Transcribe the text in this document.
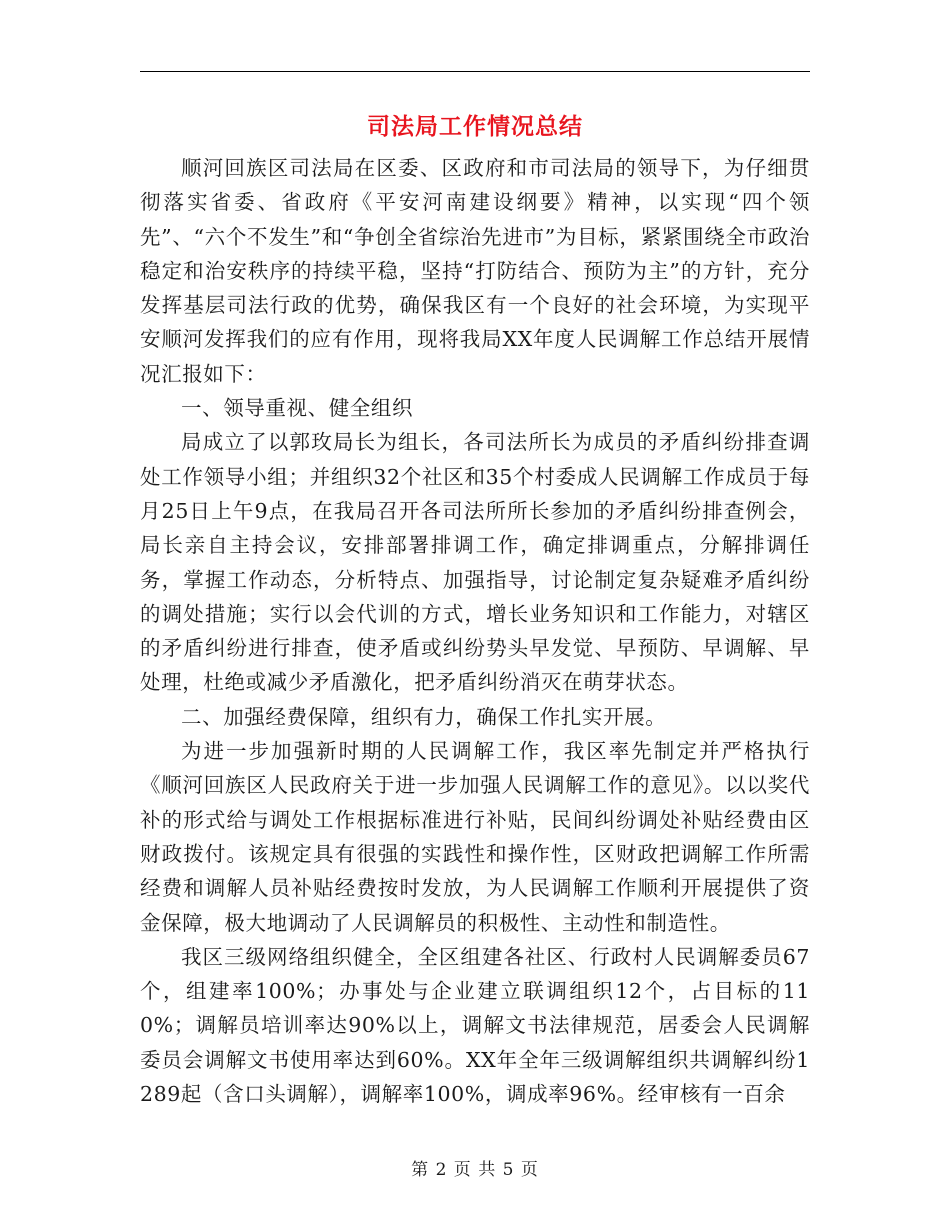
司法局工作情况总结

顺河回族区司法局在区委、区政府和市司法局的领导下，为仔细贯彻落实省委、省政府《平安河南建设纲要》精神，以实现“四个领先”、“六个不发生”和“争创全省综治先进市”为目标，紧紧围绕全市政治稳定和治安秩序的持续平稳，坚持“打防结合、预防为主”的方针，充分发挥基层司法行政的优势，确保我区有一个良好的社会环境，为实现平安顺河发挥我们的应有作用，现将我局XX年度人民调解工作总结开展情况汇报如下：

一、领导重视、健全组织

局成立了以郭玫局长为组长，各司法所长为成员的矛盾纠纷排查调处工作领导小组；并组织32个社区和35个村委成人民调解工作成员于每月25日上午9点，在我局召开各司法所所长参加的矛盾纠纷排查例会，局长亲自主持会议，安排部署排调工作，确定排调重点，分解排调任务，掌握工作动态，分析特点、加强指导，讨论制定复杂疑难矛盾纠纷的调处措施；实行以会代训的方式，增长业务知识和工作能力，对辖区的矛盾纠纷进行排查，使矛盾或纠纷势头早发觉、早预防、早调解、早处理，杜绝或减少矛盾激化，把矛盾纠纷消灭在萌芽状态。

二、加强经费保障，组织有力，确保工作扎实开展。

为进一步加强新时期的人民调解工作，我区率先制定并严格执行《顺河回族区人民政府关于进一步加强人民调解工作的意见》。以以奖代补的形式给与调处工作根据标准进行补贴，民间纠纷调处补贴经费由区财政拨付。该规定具有很强的实践性和操作性，区财政把调解工作所需经费和调解人员补贴经费按时发放，为人民调解工作顺利开展提供了资金保障，极大地调动了人民调解员的积极性、主动性和制造性。

我区三级网络组织健全，全区组建各社区、行政村人民调解委员67个，组建率100%；办事处与企业建立联调组织12个，占目标的110%；调解员培训率达90%以上，调解文书法律规范，居委会人民调解委员会调解文书使用率达到60%。XX年全年三级调解组织共调解纠纷1289起（含口头调解），调解率100%，调成率96%。经审核有一百余

第 2 页 共 5 页
